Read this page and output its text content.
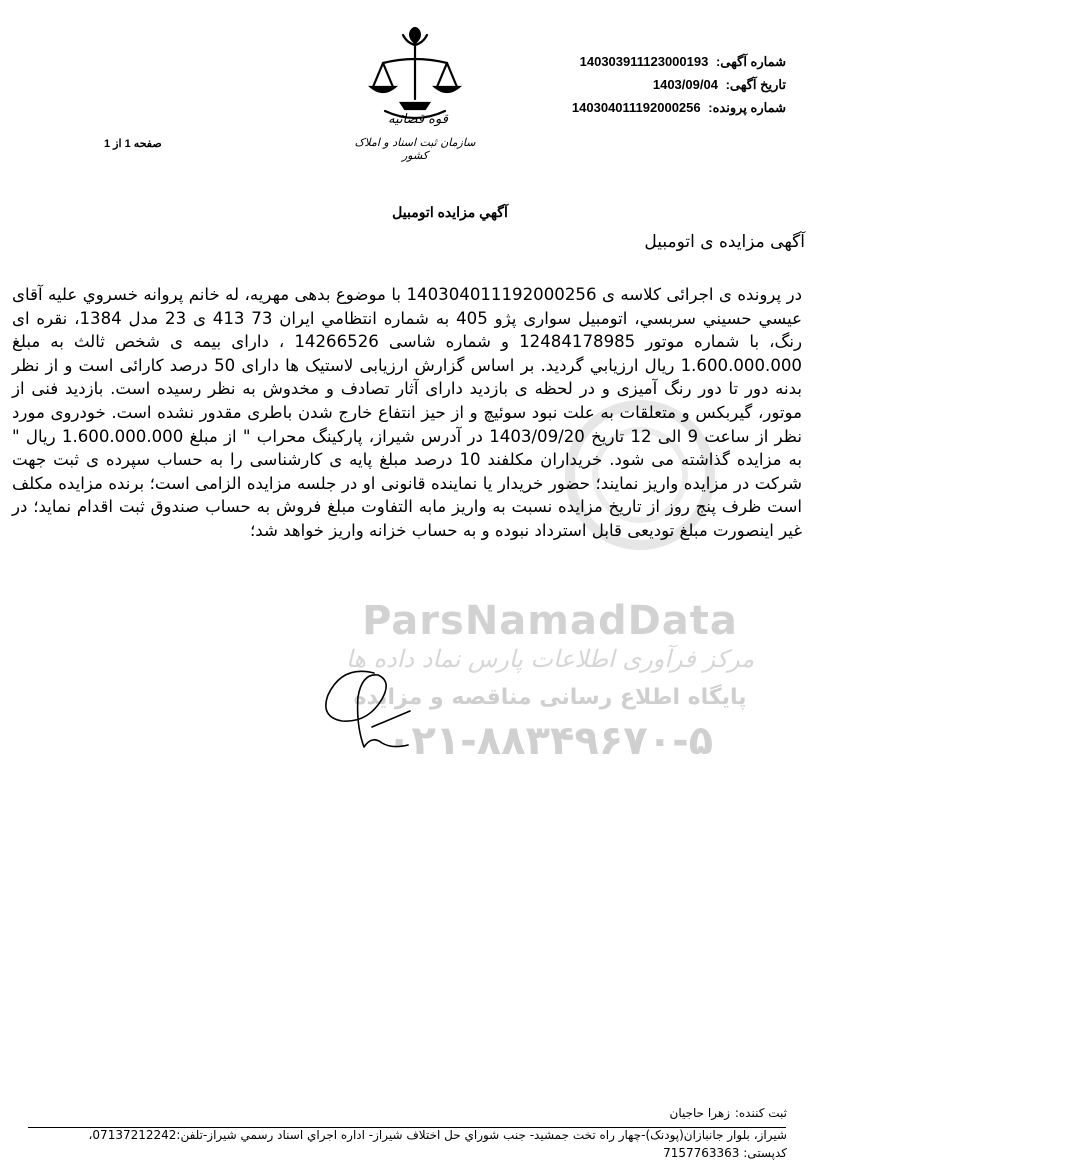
ParsNamadData
مرکز فرآوری اطلاعات پارس نماد داده ها
پایگاه اطلاع رسانی مناقصه و مزایده
۰۲۱-۸۸۳۴۹۶۷۰-۵
شماره آگهی: 140303911123000193
تاریخ آگهی: 1403/09/04
شماره پرونده: 140304011192000256
صفحه 1 از 1
قوه قضائیه
سازمان ثبت اسناد و املاک کشور
آگهي مزايده اتومبيل
آگهی مزایده ی اتومبیل
در پرونده ی اجرائی کلاسه ی 140304011192000256 با موضوع بدهی مهریه، له خانم پروانه خسروي علیه آقای عیسي حسيني سربسي، اتومبیل سواری پژو 405 به شماره انتظامي ایران 73 413 ی 23 مدل 1384، نقره ای رنگ، با شماره موتور 12484178985 و شماره شاسی 14266526 ، دارای بیمه ی شخص ثالث به مبلغ 1.600.000.000 ریال ارزیابي گردید. بر اساس گزارش ارزیابی لاستیک ها دارای 50 درصد کارائی است و از نظر بدنه دور تا دور رنگ آمیزی و در لحظه ی بازدید دارای آثار تصادف و مخدوش به نظر رسیده است. بازدید فنی از موتور، گیربکس و متعلقات به علت نبود سوئیچ و از حیز انتفاع خارج شدن باطری مقدور نشده است. خودروی مورد نظر از ساعت 9 الی 12 تاریخ 1403/09/20 در آدرس شیراز، پارکینگ محراب " از مبلغ 1.600.000.000 ریال " به مزایده گذاشته می شود. خریداران مکلفند 10 درصد مبلغ پایه ی کارشناسی را به حساب سپرده ی ثبت جهت شرکت در مزایده واریز نمایند؛ حضور خریدار یا نماینده قانونی او در جلسه مزایده الزامی است؛ برنده مزایده مکلف است ظرف پنج روز از تاریخ مزایده نسبت به واریز مابه التفاوت مبلغ فروش به حساب صندوق ثبت اقدام نماید؛ در غیر اینصورت مبلغ تودیعی قابل استرداد نبوده و به حساب خزانه واریز خواهد شد؛
ثبت کننده:
زهرا حاجيان
شیراز، بلوار جانبازان(پودنک)-چهار راه تخت جمشید- جنب شوراي حل اختلاف شیراز- اداره اجراي اسناد رسمي شیراز-تلفن:07137212242،
کدپستی: 7157763363
